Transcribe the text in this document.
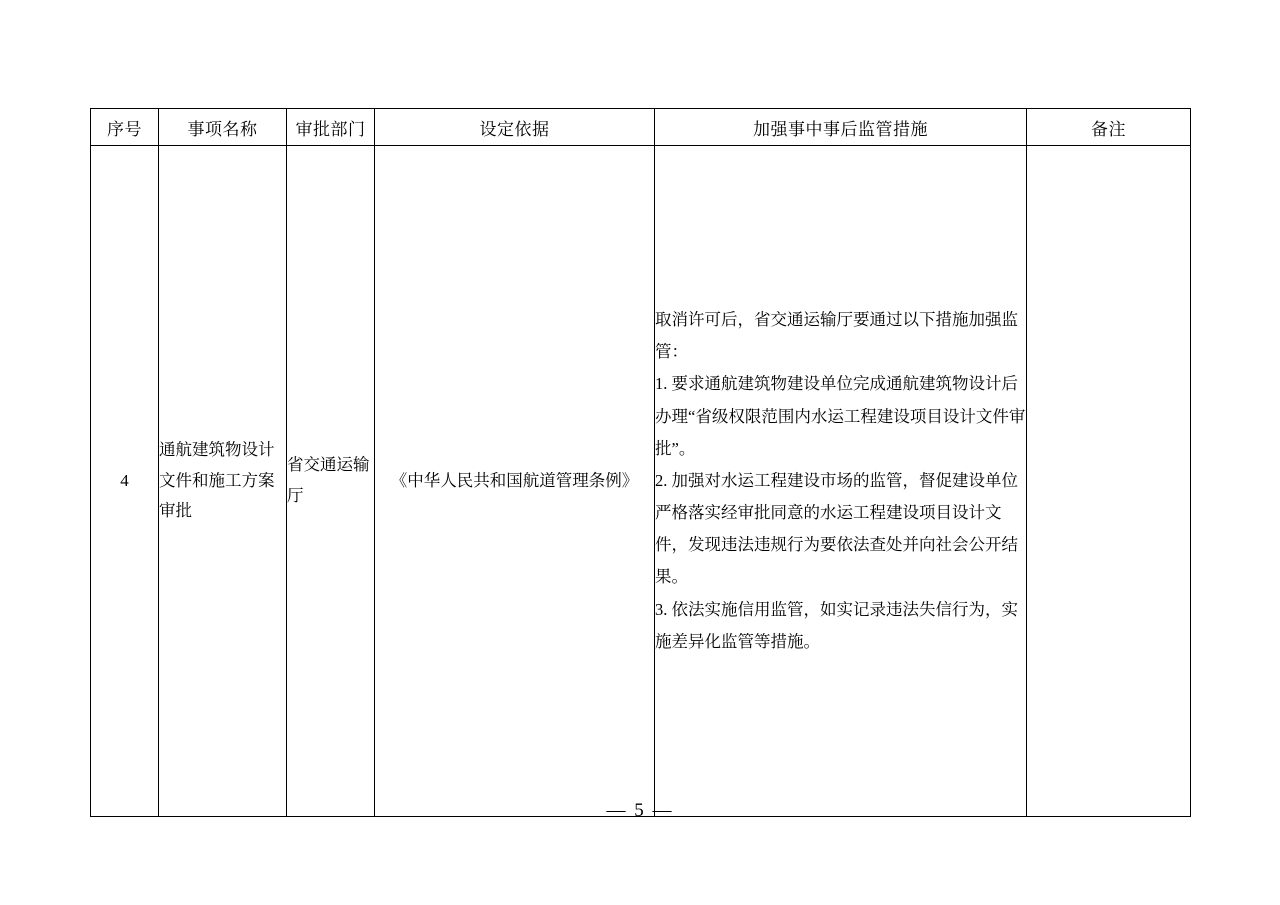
序号	事项名称	审批部门	设定依据	加强事中事后监管措施	备注
4	通航建筑物设计文件和施工方案审批	省交通运输厅	《中华人民共和国航道管理条例》	取消许可后，省交通运输厅要通过以下措施加强监管：

1. 要求通航建筑物建设单位完成通航建筑物设计后办理“省级权限范围内水运工程建设项目设计文件审批”。

2. 加强对水运工程建设市场的监管，督促建设单位严格落实经审批同意的水运工程建设项目设计文件，发现违法违规行为要依法查处并向社会公开结果。

3. 依法实施信用监管，如实记录违法失信行为，实施差异化监管等措施。	

— 5 —
